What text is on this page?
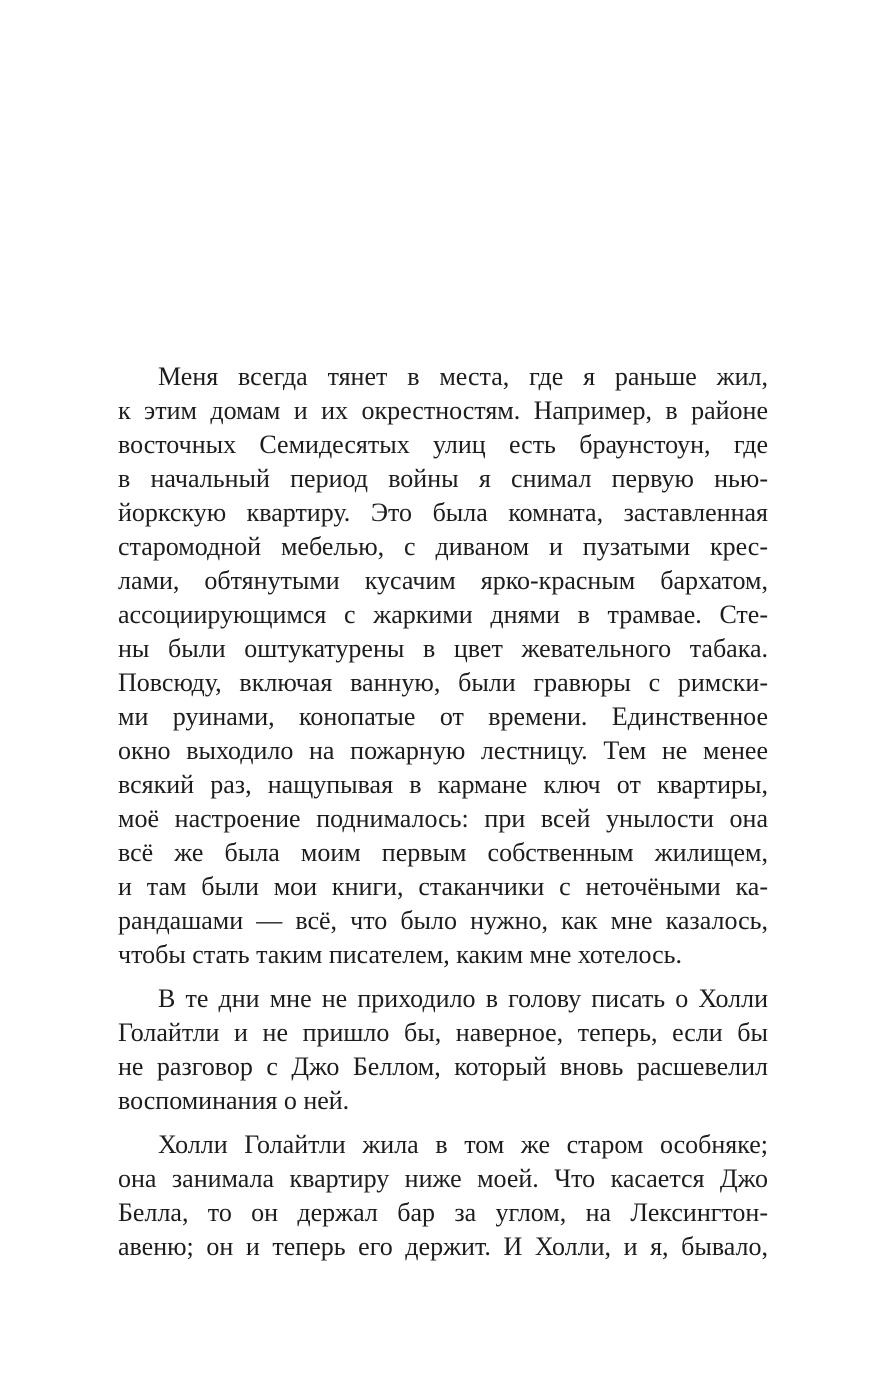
Меня всегда тянет в места, где я раньше жил,
к этим домам и их окрестностям. Например, в районе
восточных Семидесятых улиц есть браунстоун, где
в начальный период войны я снимал первую нью-
йоркскую квартиру. Это была комната, заставленная
старомодной мебелью, с диваном и пузатыми крес-
лами, обтянутыми кусачим ярко-красным бархатом,
ассоциирующимся с жаркими днями в трамвае. Сте-
ны были оштукатурены в цвет жевательного табака.
Повсюду, включая ванную, были гравюры с римски-
ми руинами, конопатые от времени. Единственное
окно выходило на пожарную лестницу. Тем не менее
всякий раз, нащупывая в кармане ключ от квартиры,
моё настроение поднималось: при всей унылости она
всё же была моим первым собственным жилищем,
и там были мои книги, стаканчики с неточёными ка-
рандашами — всё, что было нужно, как мне казалось,
чтобы стать таким писателем, каким мне хотелось.
В те дни мне не приходило в голову писать о Холли
Голайтли и не пришло бы, наверное, теперь, если бы
не разговор с Джо Беллом, который вновь расшевелил
воспоминания о ней.
Холли Голайтли жила в том же старом особняке;
она занимала квартиру ниже моей. Что касается Джо
Белла, то он держал бар за углом, на Лексингтон-
авеню; он и теперь его держит. И Холли, и я, бывало,
